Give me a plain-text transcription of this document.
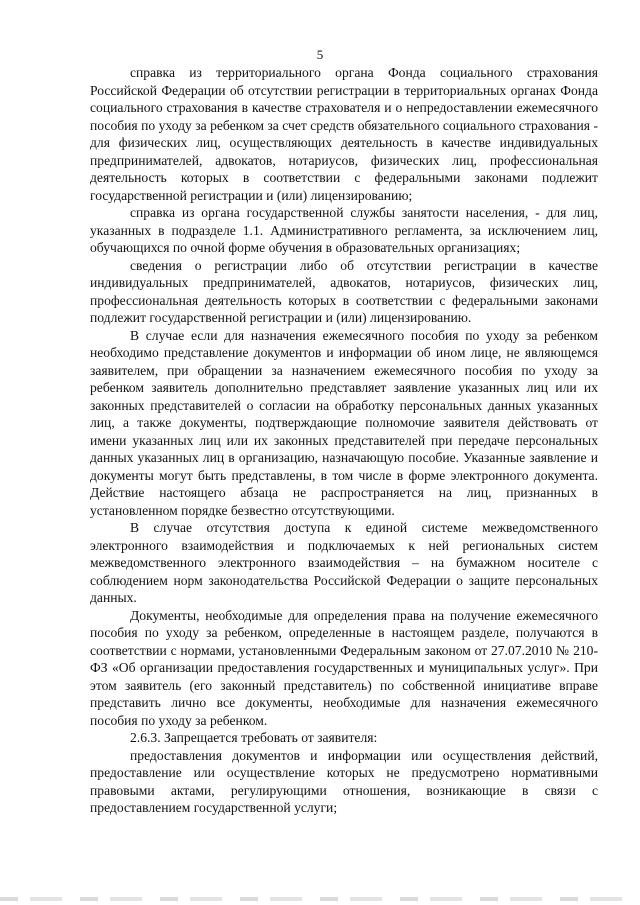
5

справка из территориального органа Фонда социального страхования Российской Федерации об отсутствии регистрации в территориальных органах Фонда социального страхования в качестве страхователя и о непредоставлении ежемесячного пособия по уходу за ребенком за счет средств обязательного социального страхования - для физических лиц, осуществляющих деятельность в качестве индивидуальных предпринимателей, адвокатов, нотариусов, физических лиц, профессиональная деятельность которых в соответствии с федеральными законами подлежит государственной регистрации и (или) лицензированию;

справка из органа государственной службы занятости населения, - для лиц, указанных в подразделе 1.1. Административного регламента, за исключением лиц, обучающихся по очной форме обучения в образовательных организациях;

сведения о регистрации либо об отсутствии регистрации в качестве индивидуальных предпринимателей, адвокатов, нотариусов, физических лиц, профессиональная деятельность которых в соответствии с федеральными законами подлежит государственной регистрации и (или) лицензированию.

В случае если для назначения ежемесячного пособия по уходу за ребенком необходимо представление документов и информации об ином лице, не являющемся заявителем, при обращении за назначением ежемесячного пособия по уходу за ребенком заявитель дополнительно представляет заявление указанных лиц или их законных представителей о согласии на обработку персональных данных указанных лиц, а также документы, подтверждающие полномочие заявителя действовать от имени указанных лиц или их законных представителей при передаче персональных данных указанных лиц в организацию, назначающую пособие. Указанные заявление и документы могут быть представлены, в том числе в форме электронного документа. Действие настоящего абзаца не распространяется на лиц, признанных в установленном порядке безвестно отсутствующими.

В случае отсутствия доступа к единой системе межведомственного электронного взаимодействия и подключаемых к ней региональных систем межведомственного электронного взаимодействия – на бумажном носителе с соблюдением норм законодательства Российской Федерации о защите персональных данных.

Документы, необходимые для определения права на получение ежемесячного пособия по уходу за ребенком, определенные в настоящем разделе, получаются в соответствии с нормами, установленными Федеральным законом от 27.07.2010 № 210-ФЗ «Об организации предоставления государственных и муниципальных услуг». При этом заявитель (его законный представитель) по собственной инициативе вправе представить лично все документы, необходимые для назначения ежемесячного пособия по уходу за ребенком.

2.6.3. Запрещается требовать от заявителя:

предоставления документов и информации или осуществления действий, предоставление или осуществление которых не предусмотрено нормативными правовыми актами, регулирующими отношения, возникающие в связи с предоставлением государственной услуги;
